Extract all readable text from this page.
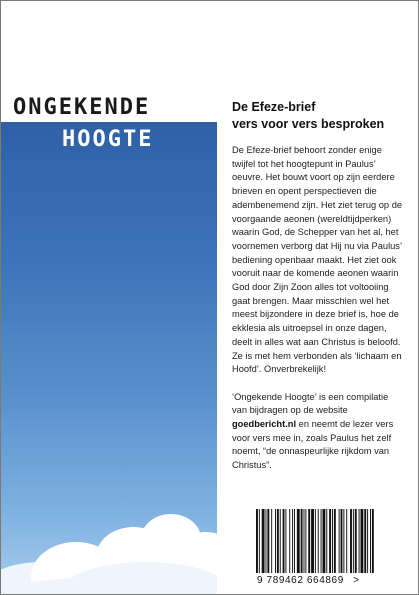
ONGEKENDE
HOOGTE
De Efeze-brief
vers voor vers besproken

De Efeze-brief behoort zonder enige twijfel tot het hoogtepunt in Paulus’ oeuvre. Het bouwt voort op zijn eerdere brieven en opent perspectieven die adembenemend zijn. Het ziet terug op de voorgaande aeonen (wereldtijdperken) waarin God, de Schepper van het al, het voornemen verborg dat Hij nu via Paulus’ bediening openbaar maakt. Het ziet ook vooruit naar de komende aeonen waarin God door Zijn Zoon alles tot voltooiing gaat brengen. Maar misschien wel het meest bijzondere in deze brief is, hoe de ekklesia als uitroepsel in onze dagen, deelt in alles wat aan Christus is beloofd. Ze is met hem verbonden als ‘lichaam en Hoofd’. Onverbrekelijk!

‘Ongekende Hoogte’ is een compilatie van bijdragen op de website goedbericht.nl en neemt de lezer vers voor vers mee in, zoals Paulus het zelf noemt, “de onnaspeurlijke rijkdom van Christus”.

9 789462 664869 >
